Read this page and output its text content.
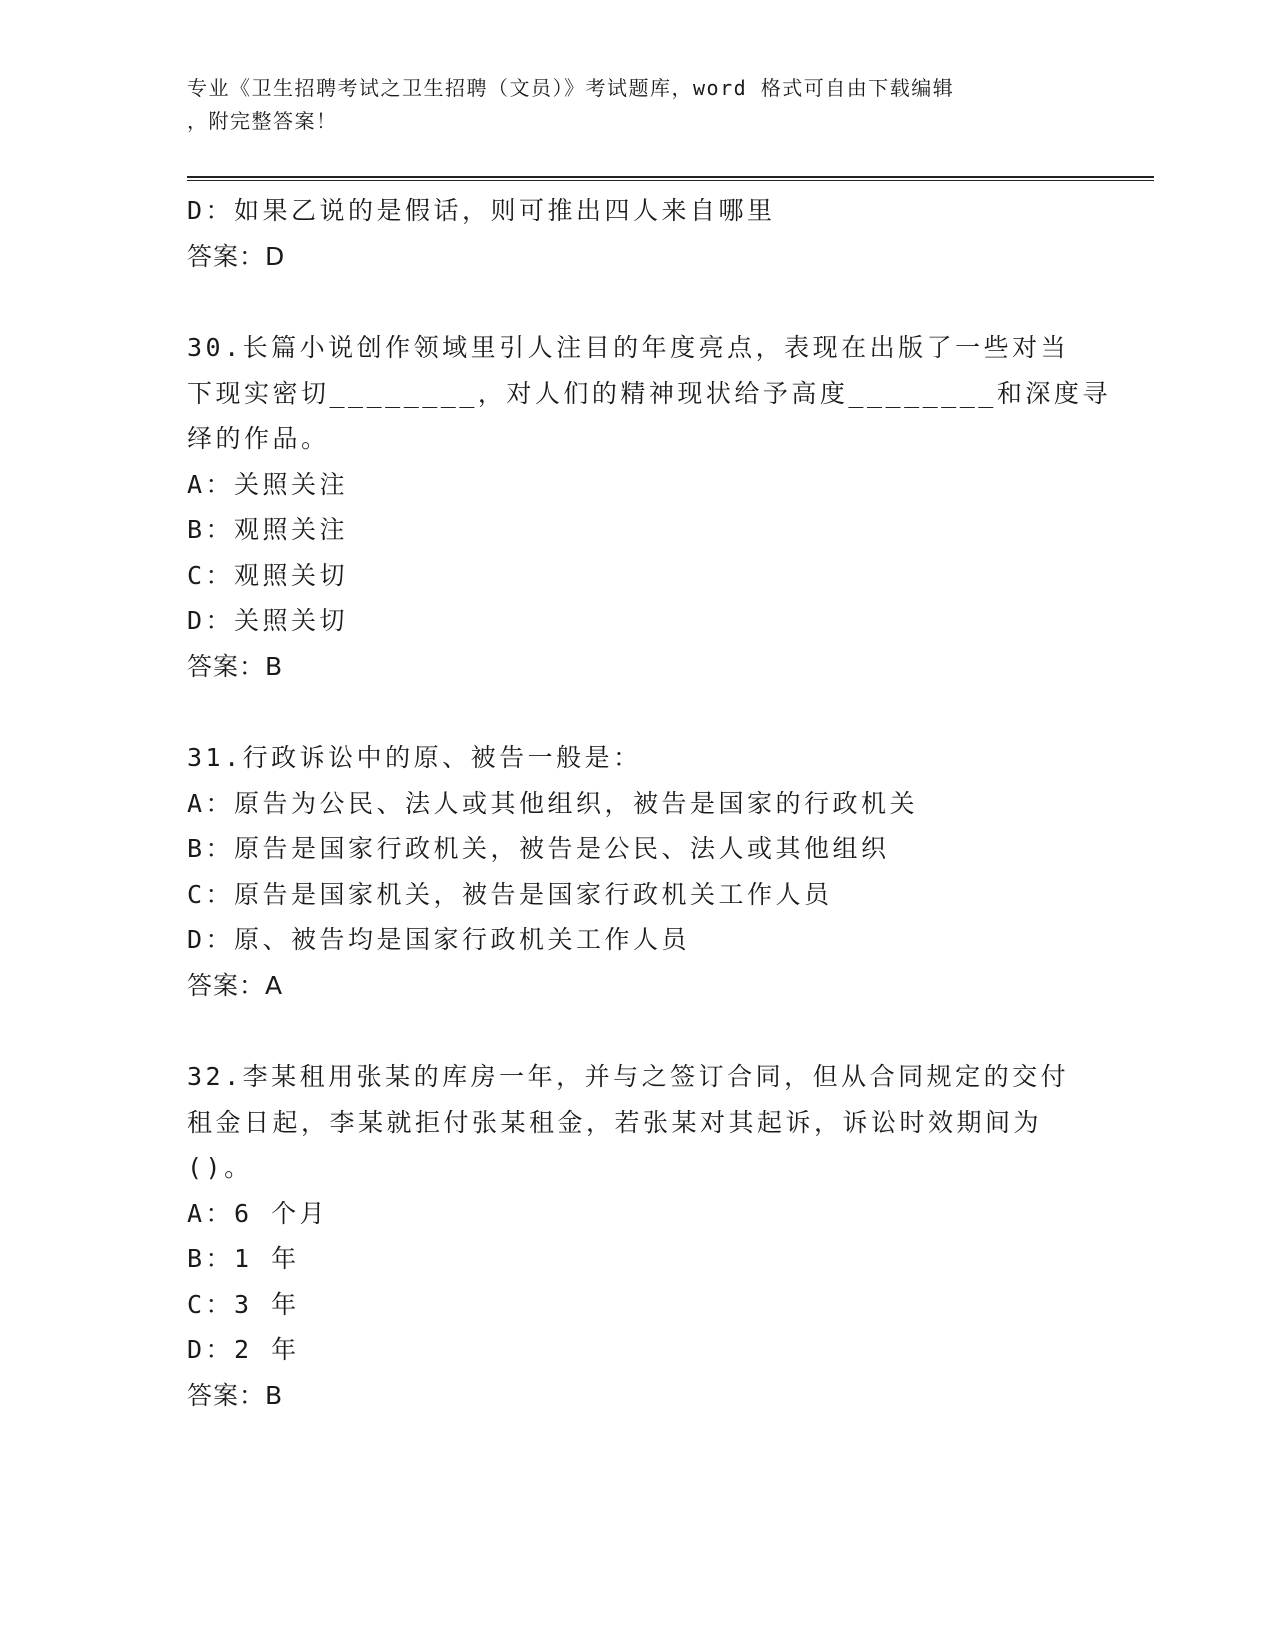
专业《卫生招聘考试之卫生招聘（文员）》考试题库，word 格式可自由下载编辑
，附完整答案！
D：如果乙说的是假话，则可推出四人来自哪里
答案：D
30.长篇小说创作领域里引人注目的年度亮点，表现在出版了一些对当
下现实密切________，对人们的精神现状给予高度________和深度寻
绎的作品。
A：关照关注
B：观照关注
C：观照关切
D：关照关切
答案：B
31.行政诉讼中的原、被告一般是：
A：原告为公民、法人或其他组织，被告是国家的行政机关
B：原告是国家行政机关，被告是公民、法人或其他组织
C：原告是国家机关，被告是国家行政机关工作人员
D：原、被告均是国家行政机关工作人员
答案：A
32.李某租用张某的库房一年，并与之签订合同，但从合同规定的交付
租金日起，李某就拒付张某租金，若张某对其起诉，诉讼时效期间为
()。
A：6 个月
B：1 年
C：3 年
D：2 年
答案：B
